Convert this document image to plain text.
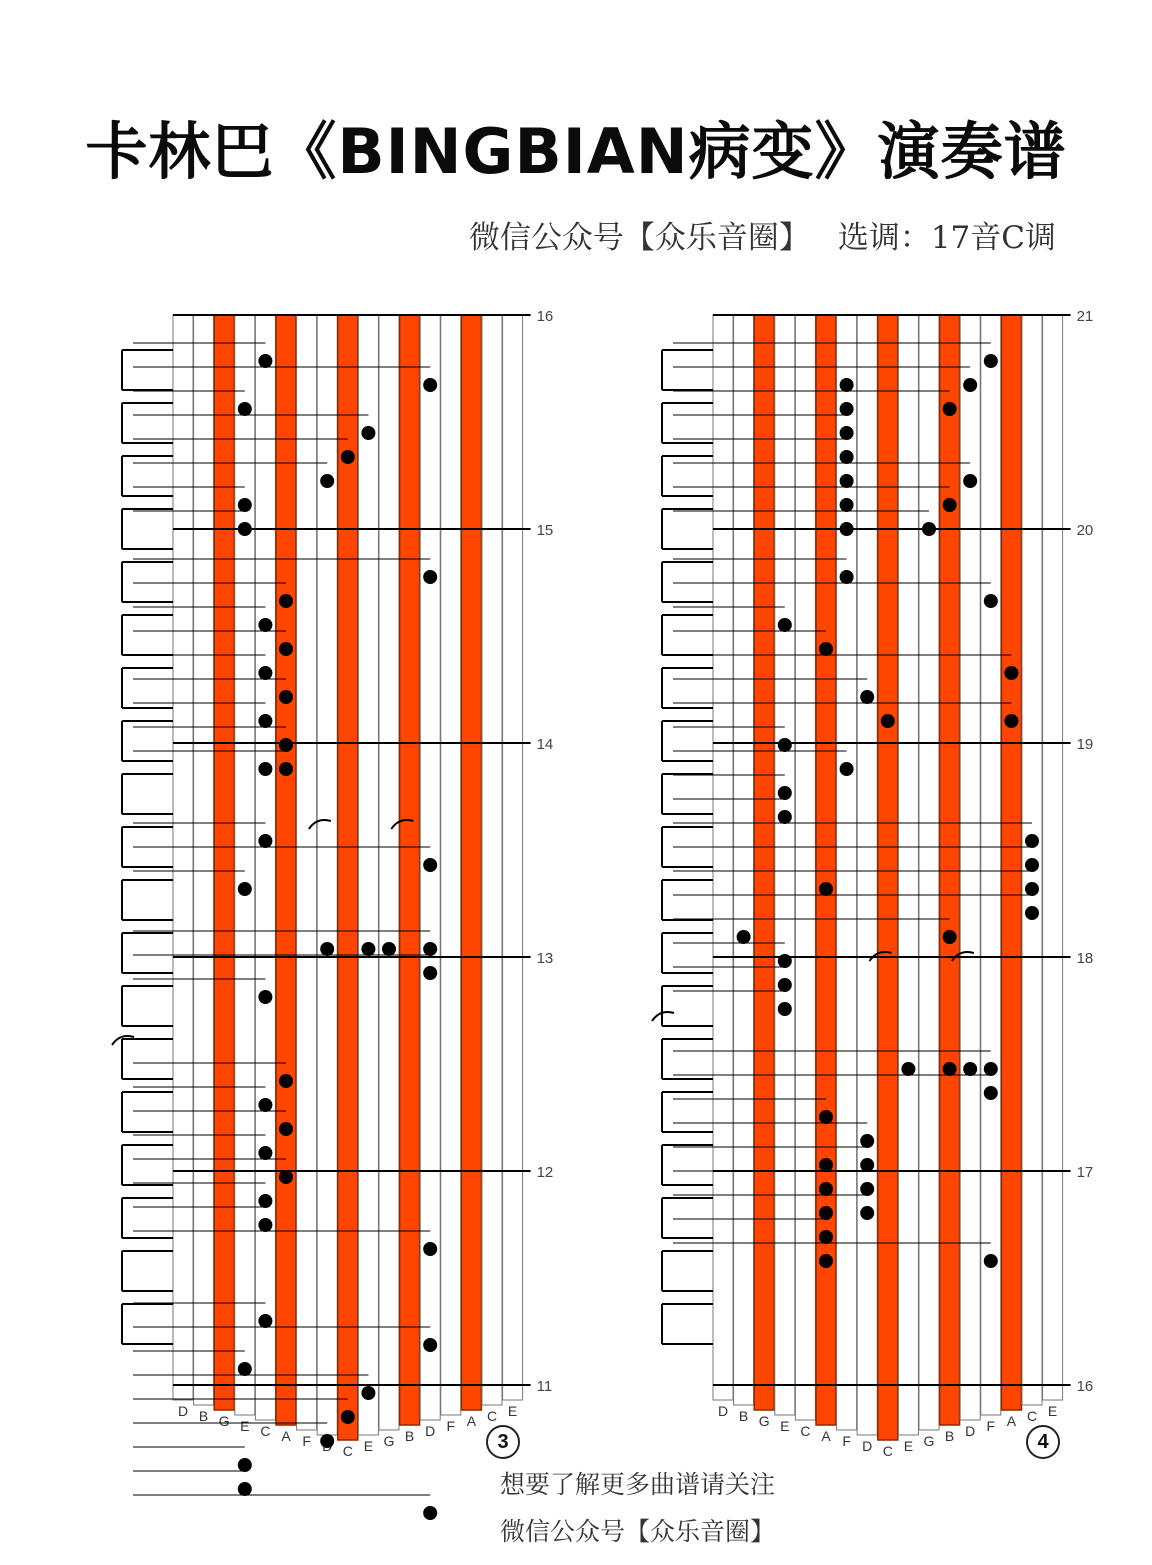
卡林巴《BINGBIAN病变》演奏谱
微信公众号【众乐音圈】 选调：17音C调
D B G E C A F
C E G B D F A C E
16
15
14
13
12
11
3
D B G E C A F D C E G B D F A C E
21
20
19
18
17
16
4
想要了解更多曲谱请关注
微信公众号【众乐音圈】
